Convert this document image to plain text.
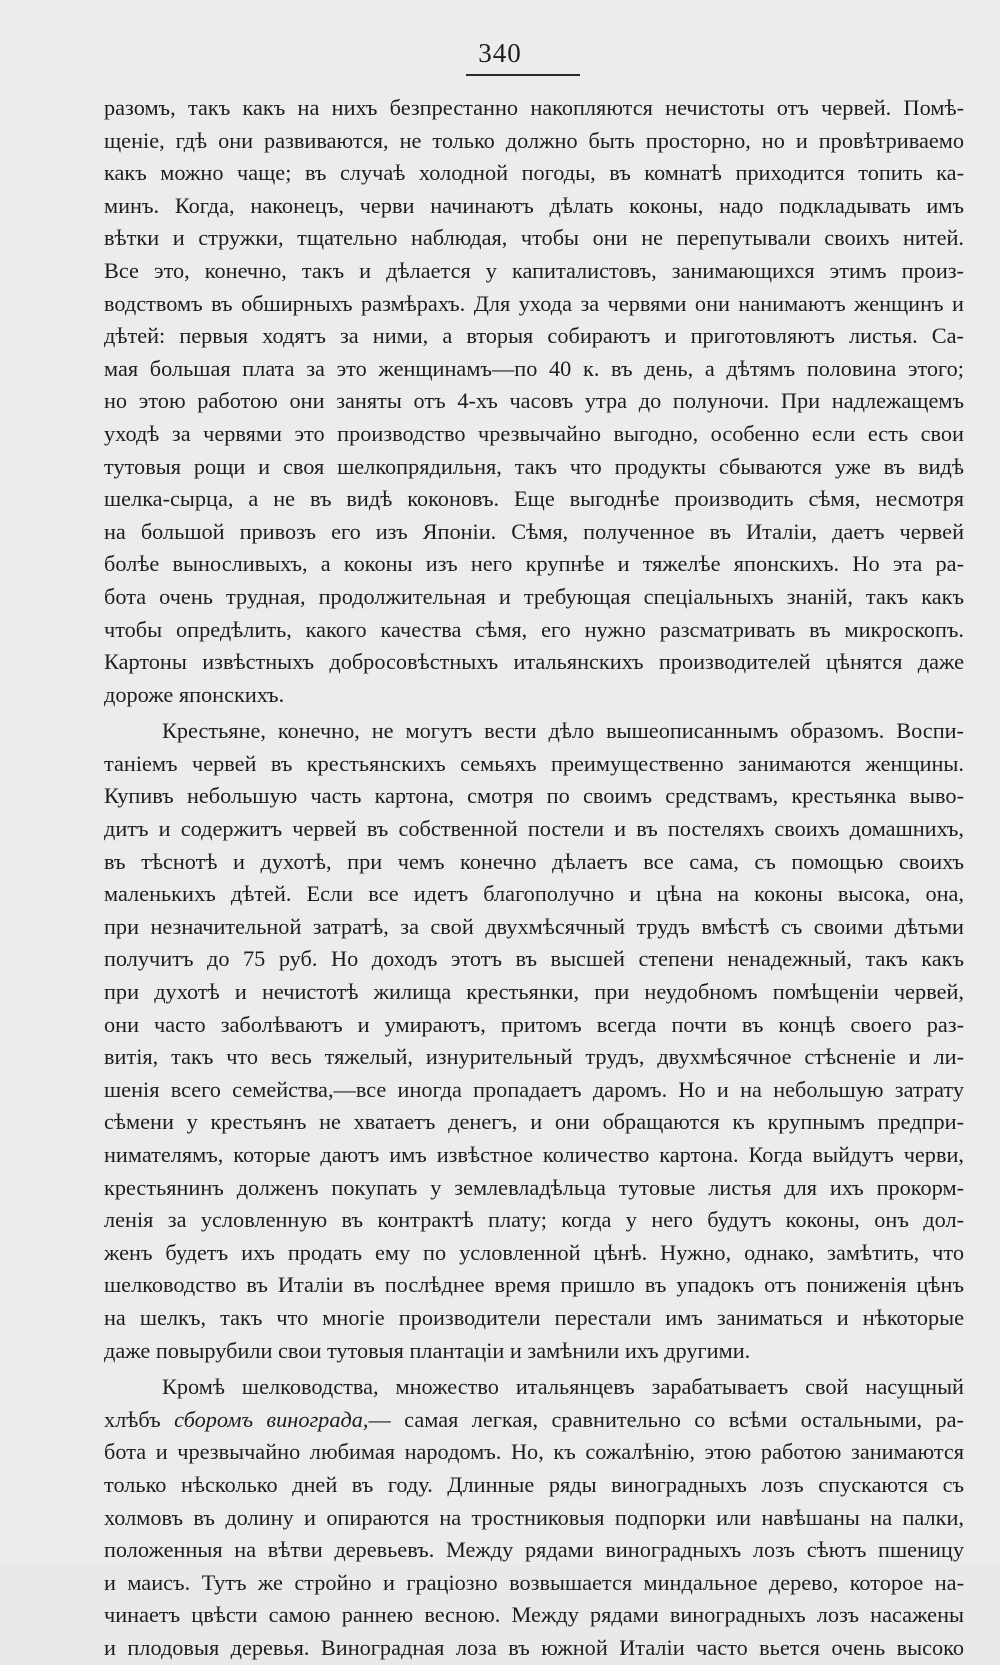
340
разомъ, такъ какъ на нихъ безпрестанно накопляются нечистоты отъ червей. Помѣ-
щеніе, гдѣ они развиваются, не только должно быть просторно, но и провѣтриваемо
какъ можно чаще; въ случаѣ холодной погоды, въ комнатѣ приходится топить ка-
минъ. Когда, наконецъ, черви начинаютъ дѣлать коконы, надо подкладывать имъ
вѣтки и стружки, тщательно наблюдая, чтобы они не перепутывали своихъ нитей.
Все это, конечно, такъ и дѣлается у капиталистовъ, занимающихся этимъ произ-
водствомъ въ обширныхъ размѣрахъ. Для ухода за червями они нанимаютъ женщинъ и
дѣтей: первыя ходятъ за ними, а вторыя собираютъ и приготовляютъ листья. Са-
мая большая плата за это женщинамъ—по 40 к. въ день, а дѣтямъ половина этого;
но этою работою они заняты отъ 4-хъ часовъ утра до полуночи. При надлежащемъ
уходѣ за червями это производство чрезвычайно выгодно, особенно если есть свои
тутовыя рощи и своя шелкопрядильня, такъ что продукты сбываются уже въ видѣ
шелка-сырца, а не въ видѣ коконовъ. Еще выгоднѣе производить сѣмя, несмотря
на большой привозъ его изъ Японіи. Сѣмя, полученное въ Италіи, даетъ червей
болѣе выносливыхъ, а коконы изъ него крупнѣе и тяжелѣе японскихъ. Но эта ра-
бота очень трудная, продолжительная и требующая спеціальныхъ знаній, такъ какъ
чтобы опредѣлить, какого качества сѣмя, его нужно разсматривать въ микроскопъ.
Картоны извѣстныхъ добросовѣстныхъ итальянскихъ производителей цѣнятся даже
дороже японскихъ.
Крестьяне, конечно, не могутъ вести дѣло вышеописаннымъ образомъ. Воспи-
таніемъ червей въ крестьянскихъ семьяхъ преимущественно занимаются женщины.
Купивъ небольшую часть картона, смотря по своимъ средствамъ, крестьянка выво-
дитъ и содержитъ червей въ собственной постели и въ постеляхъ своихъ домашнихъ,
въ тѣснотѣ и духотѣ, при чемъ конечно дѣлаетъ все сама, съ помощью своихъ
маленькихъ дѣтей. Если все идетъ благополучно и цѣна на коконы высока, она,
при незначительной затратѣ, за свой двухмѣсячный трудъ вмѣстѣ съ своими дѣтьми
получитъ до 75 руб. Но доходъ этотъ въ высшей степени ненадежный, такъ какъ
при духотѣ и нечистотѣ жилища крестьянки, при неудобномъ помѣщеніи червей,
они часто заболѣваютъ и умираютъ, притомъ всегда почти въ концѣ своего раз-
витія, такъ что весь тяжелый, изнурительный трудъ, двухмѣсячное стѣсненіе и ли-
шенія всего семейства,—все иногда пропадаетъ даромъ. Но и на небольшую затрату
сѣмени у крестьянъ не хватаетъ денегъ, и они обращаются къ крупнымъ предпри-
нимателямъ, которые даютъ имъ извѣстное количество картона. Когда выйдутъ черви,
крестьянинъ долженъ покупать у землевладѣльца тутовые листья для ихъ прокорм-
ленія за условленную въ контрактѣ плату; когда у него будутъ коконы, онъ дол-
женъ будетъ ихъ продать ему по условленной цѣнѣ. Нужно, однако, замѣтить, что
шелководство въ Италіи въ послѣднее время пришло въ упадокъ отъ пониженія цѣнъ
на шелкъ, такъ что многіе производители перестали имъ заниматься и нѣкоторые
даже повырубили свои тутовыя плантаціи и замѣнили ихъ другими.
Кромѣ шелководства, множество итальянцевъ зарабатываетъ свой насущный
хлѣбъ сборомъ винограда,— самая легкая, сравнительно со всѣми остальными, ра-
бота и чрезвычайно любимая народомъ. Но, къ сожалѣнію, этою работою занимаются
только нѣсколько дней въ году. Длинные ряды виноградныхъ лозъ спускаются съ
холмовъ въ долину и опираются на тростниковыя подпорки или навѣшаны на палки,
положенныя на вѣтви деревьевъ. Между рядами виноградныхъ лозъ сѣютъ пшеницу
и маисъ. Тутъ же стройно и граціозно возвышается миндальное дерево, которое на-
чинаетъ цвѣсти самою раннею весною. Между рядами виноградныхъ лозъ насажены
и плодовыя деревья. Виноградная лоза въ южной Италіи часто вьется очень высоко
